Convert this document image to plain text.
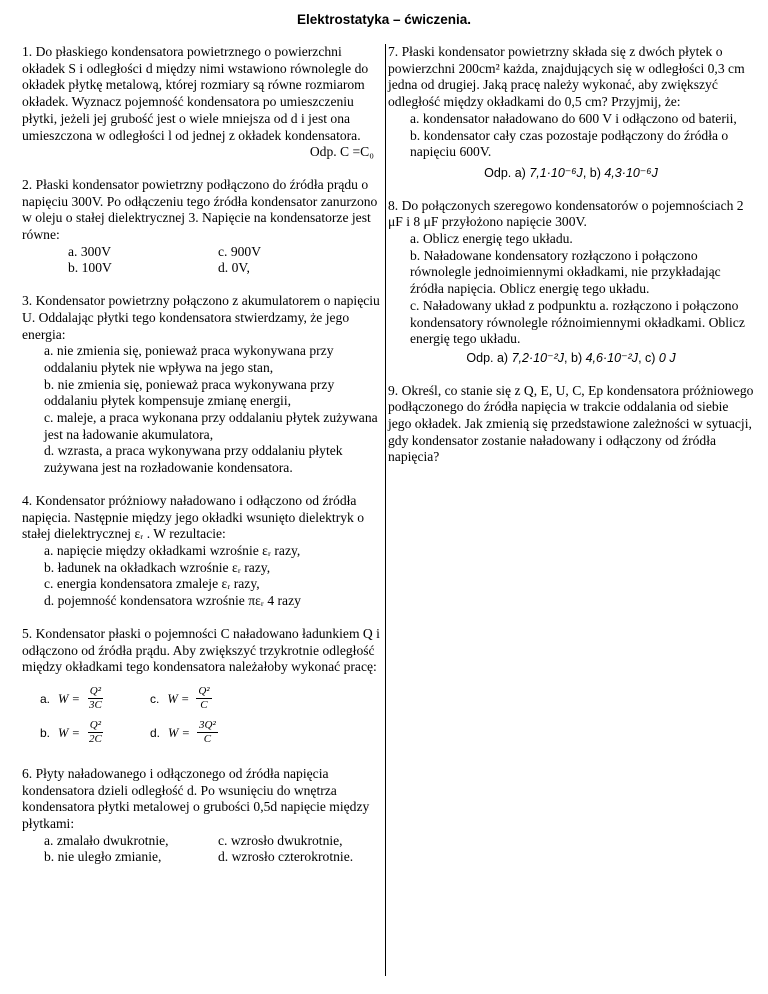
Elektrostatyka – ćwiczenia.

1. Do płaskiego kondensatora powietrznego o powierzchni okładek S i odległości d między nimi wstawiono równolegle do okładek płytkę metalową, której rozmiary są równe rozmiarom okładek. Wyznacz pojemność kondensatora po umieszczeniu płytki, jeżeli jej grubość jest o wiele mniejsza od d i jest ona umieszczona w odległości l od jednej z okładek kondensatora.

Odp. C =C₀

2. Płaski kondensator powietrzny podłączono do źródła prądu o napięciu 300V. Po odłączeniu tego źródła kondensator zanurzono w oleju o stałej dielektrycznej 3. Napięcie na kondensatorze jest równe:

a. 300V	c. 900V
b. 100V	d. 0V,

3. Kondensator powietrzny połączono z akumulatorem o napięciu U. Oddalając płytki tego kondensatora stwierdzamy, że jego energia:

a. nie zmienia się, ponieważ praca wykonywana przy oddalaniu płytek nie wpływa na jego stan,

b. nie zmienia się, ponieważ praca wykonywana przy oddalaniu płytek kompensuje zmianę energii,

c. maleje, a praca wykonana przy oddalaniu płytek zużywana jest na ładowanie akumulatora,

d. wzrasta, a praca wykonywana przy oddalaniu płytek zużywana jest na rozładowanie kondensatora.

4. Kondensator próżniowy naładowano i odłączono od źródła napięcia. Następnie między jego okładki wsunięto dielektryk o stałej dielektrycznej εᵣ . W rezultacie:

a. napięcie między okładkami wzrośnie εᵣ razy,

b. ładunek na okładkach wzrośnie εᵣ razy,

c. energia kondensatora zmaleje εᵣ razy,

d. pojemność kondensatora wzrośnie πεᵣ 4 razy

5. Kondensator płaski o pojemności C naładowano ładunkiem Q i odłączono od źródła prądu. Aby zwiększyć trzykrotnie odległość między okładkami tego kondensatora należałoby wykonać pracę:

a. $W = \frac{\text{Q²}}{3C}$	c. $W = \frac{\text{Q²}}{C}$
b. $W = \frac{\text{Q²}}{2C}$	d. $W = \frac{\text{3Q²}}{C}$

6. Płyty naładowanego i odłączonego od źródła napięcia kondensatora dzieli odległość d. Po wsunięciu do wnętrza kondensatora płytki metalowej o grubości 0,5d napięcie między płytkami:

a. zmalało dwukrotnie,	c. wzrosło dwukrotnie,
b. nie uległo zmianie,	d. wzrosło czterokrotnie.

7. Płaski kondensator powietrzny składa się z dwóch płytek o powierzchni 200cm² każda, znajdujących się w odległości 0,3 cm jedna od drugiej. Jaką pracę należy wykonać, aby zwiększyć odległość między okładkami do 0,5 cm? Przyjmij, że:

a. kondensator naładowano do 600 V i odłączono od baterii,

b. kondensator cały czas pozostaje podłączony do źródła o napięciu 600V.

Odp. a) 7,1·10⁻⁶J, b) 4,3·10⁻⁶J

8. Do połączonych szeregowo kondensatorów o pojemnościach 2 μF i 8 μF przyłożono napięcie 300V.

a. Oblicz energię tego układu.

b. Naładowane kondensatory rozłączono i połączono równolegle jednoimiennymi okładkami, nie przykładając źródła napięcia. Oblicz energię tego układu.

c. Naładowany układ z podpunktu a. rozłączono i połączono kondensatory równolegle różnoimiennymi okładkami. Oblicz energię tego układu.

Odp. a) 7,2·10⁻²J, b) 4,6·10⁻²J, c) 0 J

9. Określ, co stanie się z Q, E, U, C, Ep kondensatora próżniowego podłączonego do źródła napięcia w trakcie oddalania od siebie jego okładek. Jak zmienią się przedstawione zależności w sytuacji, gdy kondensator zostanie naładowany i odłączony od źródła napięcia?
